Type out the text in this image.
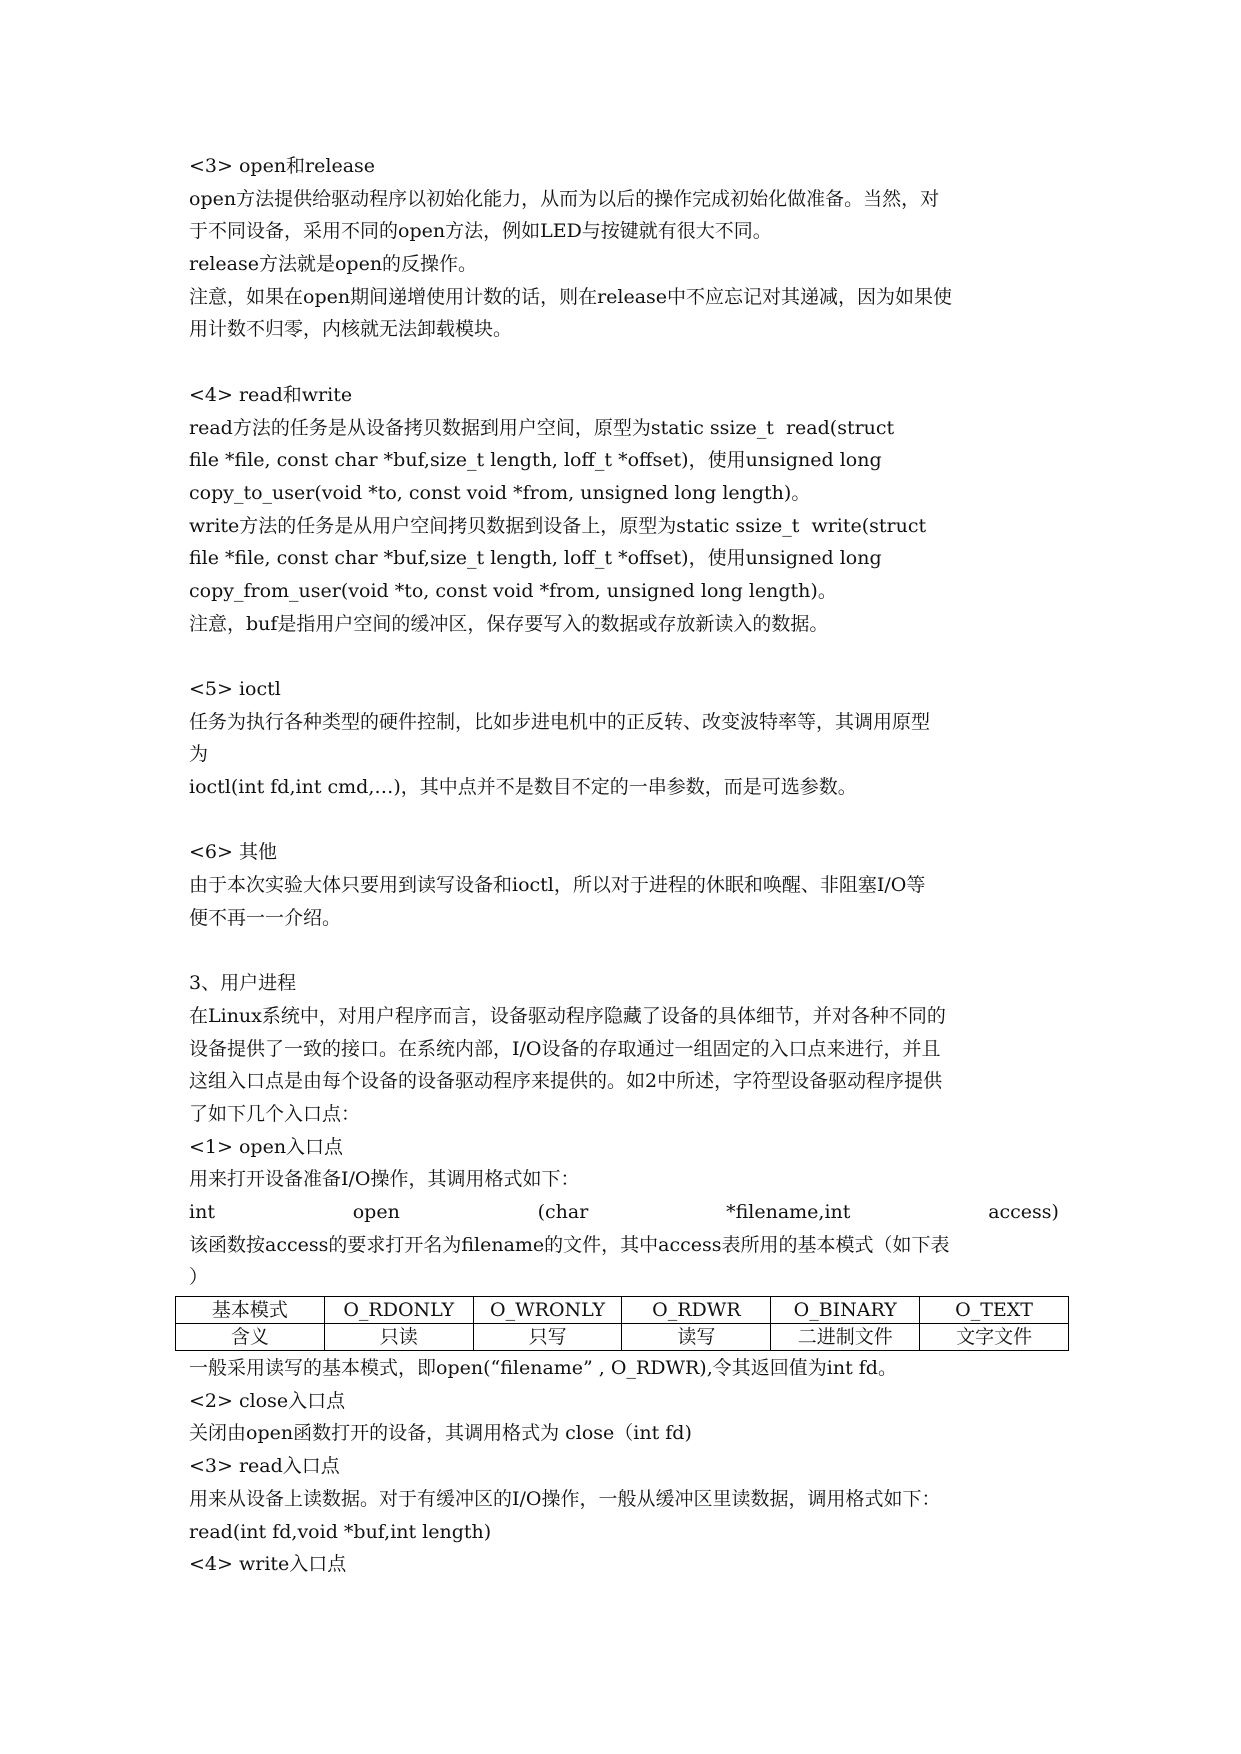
<3> open和release
open方法提供给驱动程序以初始化能力，从而为以后的操作完成初始化做准备。当然，对
于不同设备，采用不同的open方法，例如LED与按键就有很大不同。
release方法就是open的反操作。
注意，如果在open期间递增使用计数的话，则在release中不应忘记对其递减，因为如果使
用计数不归零，内核就无法卸载模块。
<4> read和write
read方法的任务是从设备拷贝数据到用户空间，原型为static ssize_t  read(struct
file *file, const char *buf,size_t length, loff_t *offset)，使用unsigned long
copy_to_user(void *to, const void *from, unsigned long length)。
write方法的任务是从用户空间拷贝数据到设备上，原型为static ssize_t  write(struct
file *file, const char *buf,size_t length, loff_t *offset)，使用unsigned long
copy_from_user(void *to, const void *from, unsigned long length)。
注意，buf是指用户空间的缓冲区，保存要写入的数据或存放新读入的数据。
<5> ioctl
任务为执行各种类型的硬件控制，比如步进电机中的正反转、改变波特率等，其调用原型
为
ioctl(int fd,int cmd,…)，其中点并不是数目不定的一串参数，而是可选参数。
<6> 其他
由于本次实验大体只要用到读写设备和ioctl，所以对于进程的休眠和唤醒、非阻塞I/O等
便不再一一介绍。
3、用户进程
在Linux系统中，对用户程序而言，设备驱动程序隐藏了设备的具体细节，并对各种不同的
设备提供了一致的接口。在系统内部，I/O设备的存取通过一组固定的入口点来进行，并且
这组入口点是由每个设备的设备驱动程序来提供的。如2中所述，字符型设备驱动程序提供
了如下几个入口点：
<1> open入口点
用来打开设备准备I/O操作，其调用格式如下：
int	open	(char	*filename,int	access)
该函数按access的要求打开名为filename的文件，其中access表所用的基本模式（如下表
）
基本模式	O_RDONLY	O_WRONLY	O_RDWR	O_BINARY	O_TEXT
含义	只读	只写	读写	二进制文件	文字文件
一般采用读写的基本模式，即open(“filename” , O_RDWR),令其返回值为int fd。
<2> close入口点
关闭由open函数打开的设备，其调用格式为 close（int fd)
<3> read入口点
用来从设备上读数据。对于有缓冲区的I/O操作，一般从缓冲区里读数据，调用格式如下：
read(int fd,void *buf,int length)
<4> write入口点
